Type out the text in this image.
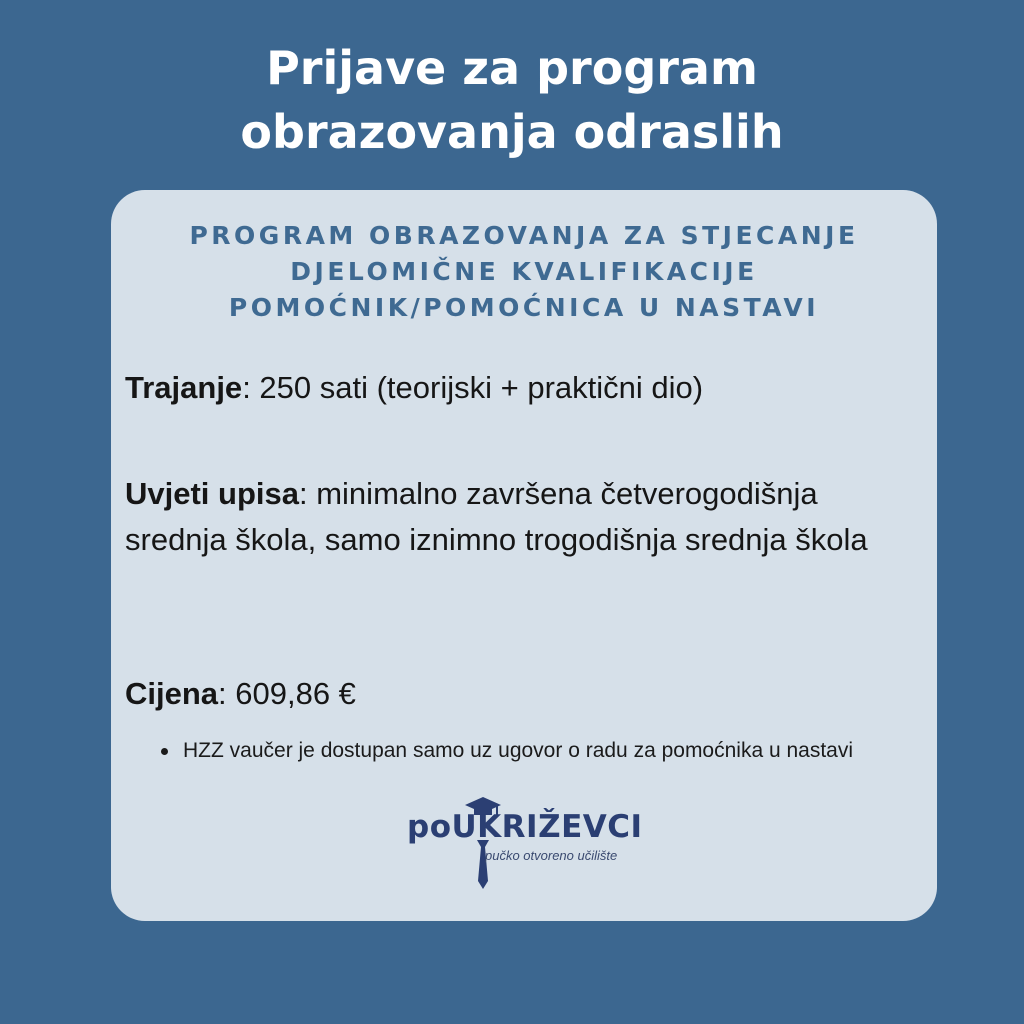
Prijave za program
obrazovanja odraslih
PROGRAM OBRAZOVANJA ZA STJECANJE
DJELOMIČNE KVALIFIKACIJE
POMOĆNIK/POMOĆNICA U NASTAVI
Trajanje: 250 sati (teorijski + praktični dio)
Uvjeti upisa: minimalno završena četverogodišnja srednja škola, samo iznimno trogodišnja srednja škola
Cijena: 609,86 €
HZZ vaučer je dostupan samo uz ugovor o radu za pomoćnika u nastavi
poUKRIŽEVCI
pučko otvoreno učilište
